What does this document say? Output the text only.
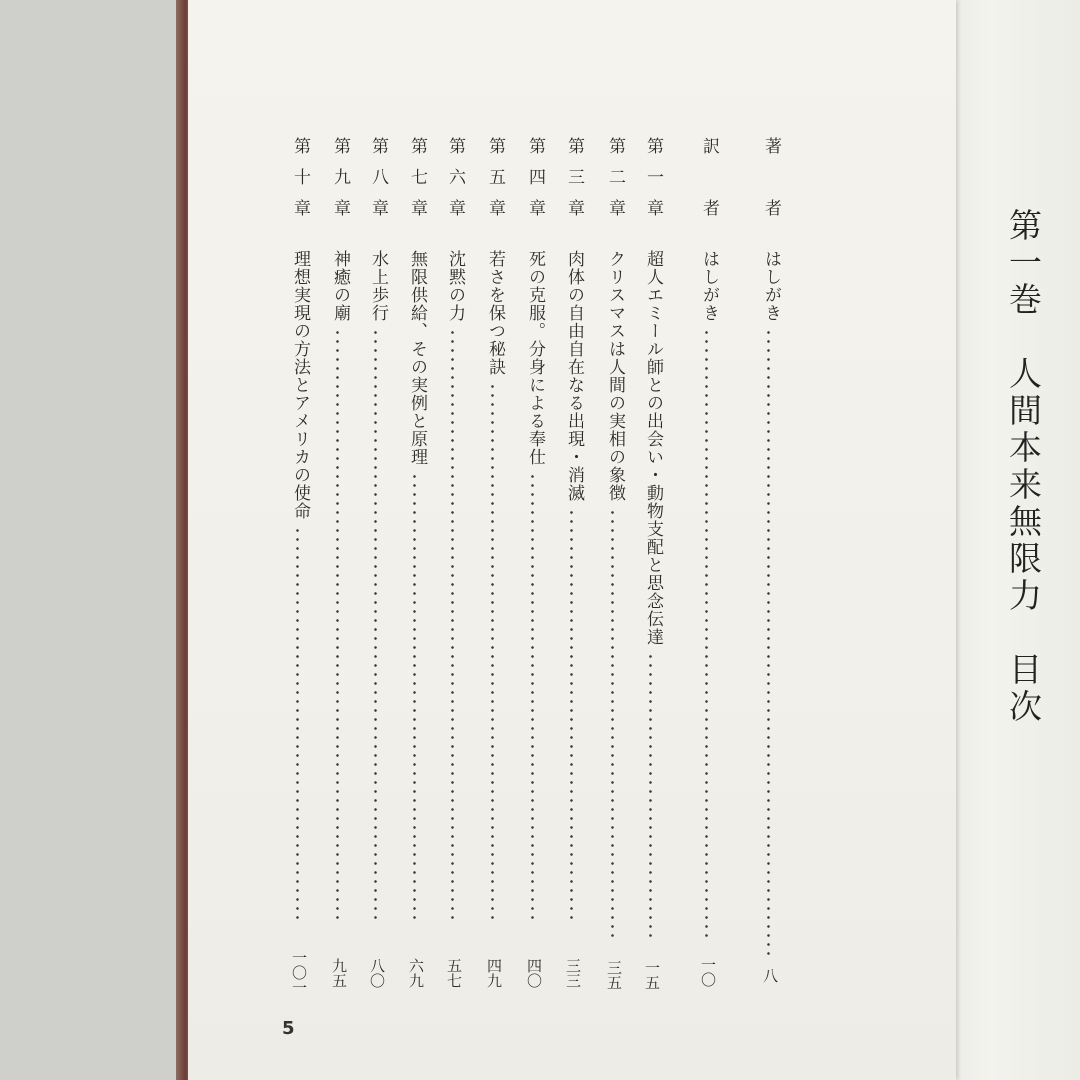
第一巻　人間本来無限力　目次
著　者
はしがき
八
訳　者
はしがき
一〇
第一章
超人エミール師との出会い・動物支配と思念伝達
一五
第二章
クリスマスは人間の実相の象徴
三五
第三章
肉体の自由自在なる出現・消滅
三三
第四章
死の克服。分身による奉仕
四〇
第五章
若さを保つ秘訣
四九
第六章
沈黙の力
五七
第七章
無限供給、その実例と原理
六九
第八章
水上歩行
八〇
第九章
神癒の廟
九五
第十章
理想実現の方法とアメリカの使命
一〇一
5
